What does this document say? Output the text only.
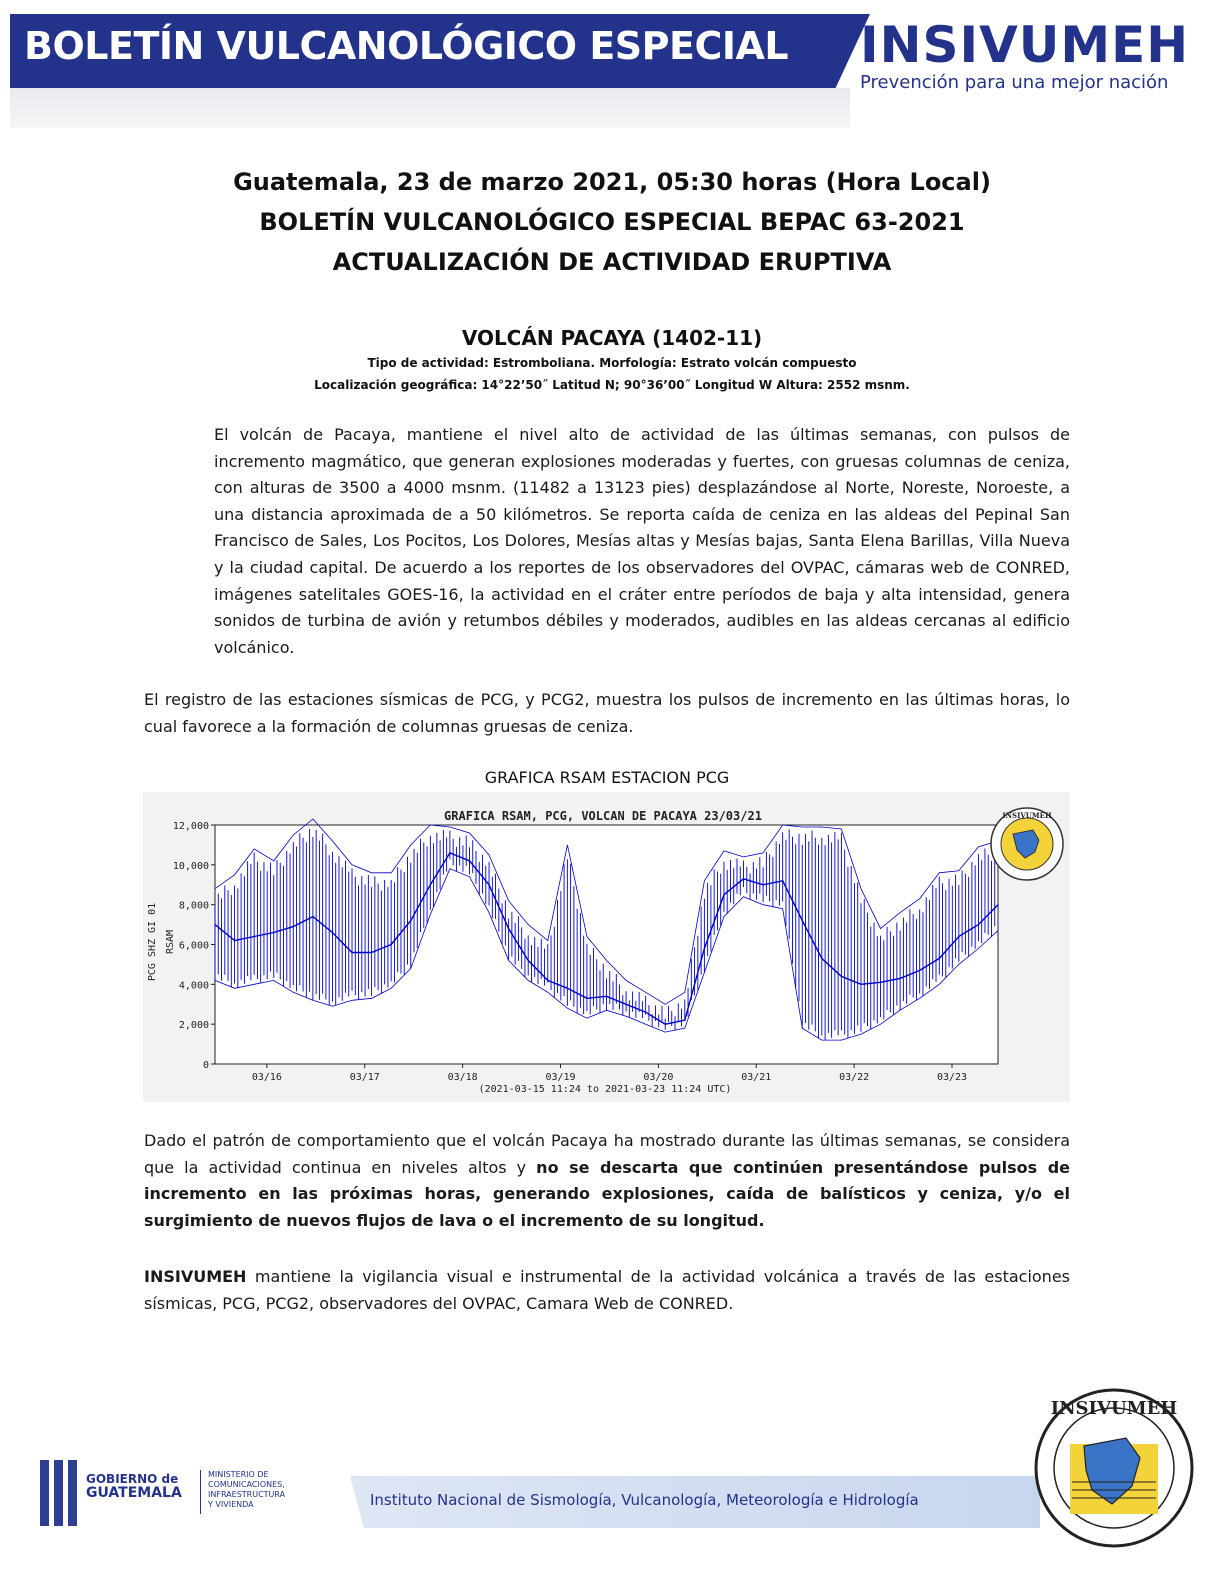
BOLETÍN VULCANOLÓGICO ESPECIAL INSIVUMEH
Prevención para una mejor nación
Guatemala, 23 de marzo 2021, 05:30 horas (Hora Local)
BOLETÍN VULCANOLÓGICO ESPECIAL BEPAC 63-2021
ACTUALIZACIÓN DE ACTIVIDAD ERUPTIVA
VOLCÁN PACAYA (1402-11)
Tipo de actividad: Estromboliana. Morfología: Estrato volcán compuesto
Localización geográfica: 14°22’50˝ Latitud N; 90°36’00˝ Longitud W Altura: 2552 msnm.
El volcán de Pacaya, mantiene el nivel alto de actividad de las últimas semanas, con pulsos de incremento magmático, que generan explosiones moderadas y fuertes, con gruesas columnas de ceniza, con alturas de 3500 a 4000 msnm. (11482 a 13123 pies) desplazándose al Norte, Noreste, Noroeste, a una distancia aproximada de a 50 kilómetros. Se reporta caída de ceniza en las aldeas del Pepinal San Francisco de Sales, Los Pocitos, Los Dolores, Mesías altas y Mesías bajas, Santa Elena Barillas, Villa Nueva y la ciudad capital. De acuerdo a los reportes de los observadores del OVPAC, cámaras web de CONRED, imágenes satelitales GOES-16, la actividad en el cráter entre períodos de baja y alta intensidad, genera sonidos de turbina de avión y retumbos débiles y moderados, audibles en las aldeas cercanas al edificio volcánico.
El registro de las estaciones sísmicas de PCG, y PCG2, muestra los pulsos de incremento en las últimas horas, lo cual favorece a la formación de columnas gruesas de ceniza.
GRAFICA RSAM ESTACION PCG
GRAFICA RSAM, PCG, VOLCAN DE PACAYA 23/03/21
PCG SHZ GI 01 RSAM
(2021-03-15 11:24 to 2021-03-23 11:24 UTC)
0
2,000
4,000
6,000
8,000
10,000
12,000
03/16	03/17	03/18	03/19	03/20	03/21	03/22	03/23
INSIVUMEH
Dado el patrón de comportamiento que el volcán Pacaya ha mostrado durante las últimas semanas, se considera que la actividad continua en niveles altos y no se descarta que continúen presentándose pulsos de incremento en las próximas horas, generando explosiones, caída de balísticos y ceniza, y/o el surgimiento de nuevos flujos de lava o el incremento de su longitud.
INSIVUMEH mantiene la vigilancia visual e instrumental de la actividad volcánica a través de las estaciones sísmicas, PCG, PCG2, observadores del OVPAC, Camara Web de CONRED.
GOBIERNO de
GUATEMALA
MINISTERIO DE
COMUNICACIONES,
INFRAESTRUCTURA
Y VIVIENDA	Instituto Nacional de Sismología, Vulcanología, Meteorología e Hidrología
INSIVUMEH
